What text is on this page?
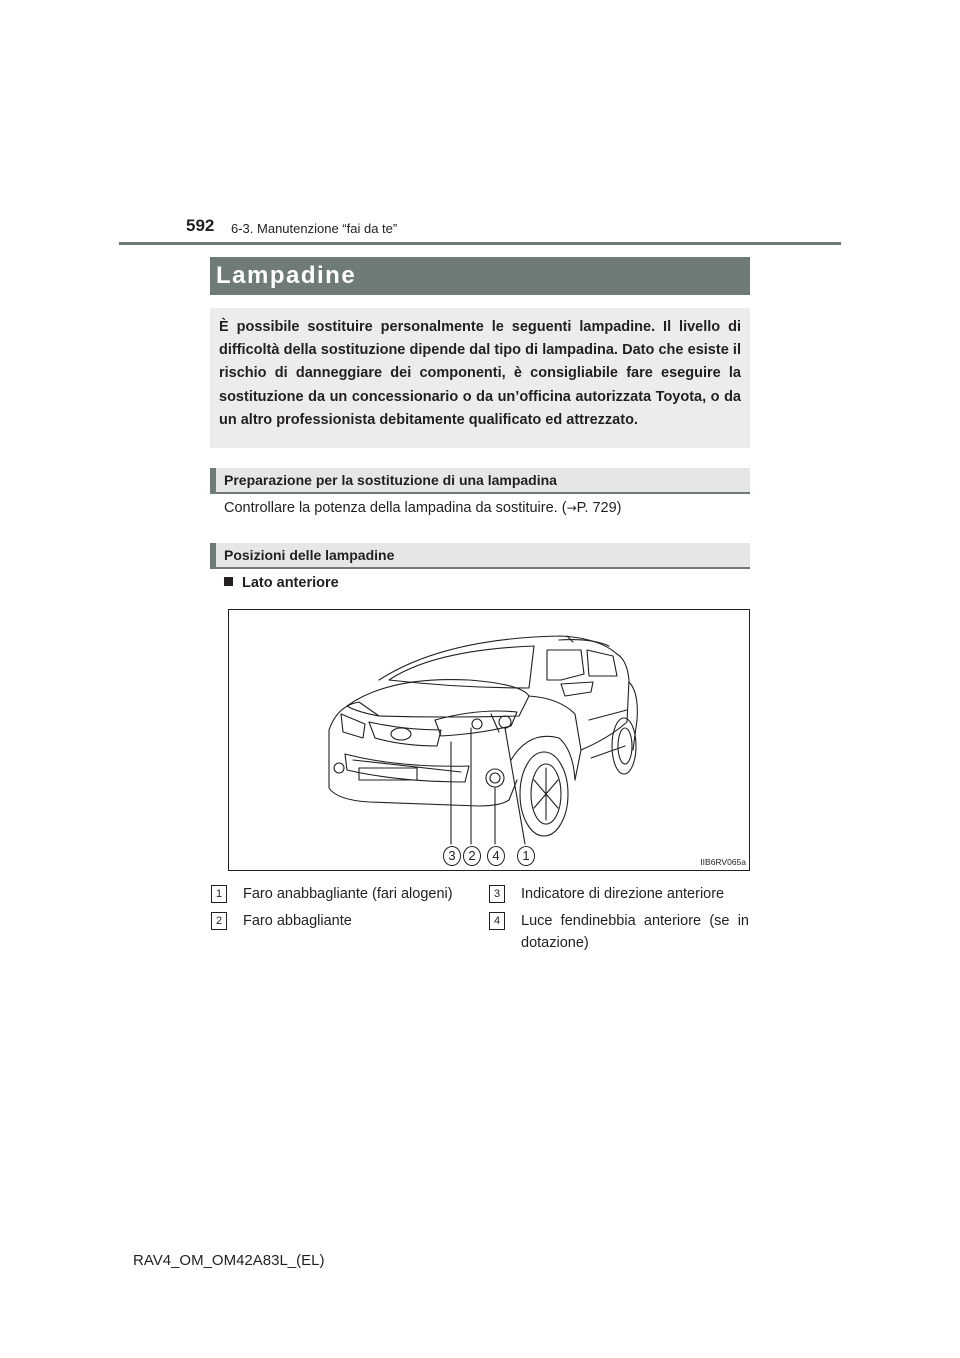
592 6-3. Manutenzione “fai da te”
Lampadine
È possibile sostituire personalmente le seguenti lampadine. Il livello di difficoltà della sostituzione dipende dal tipo di lampadina. Dato che esiste il rischio di danneggiare dei componenti, è consigliabile fare eseguire la sostituzione da un concessionario o da un’officina autorizzata Toyota, o da un altro professionista debitamente qualificato ed attrezzato.
Preparazione per la sostituzione di una lampadina
Controllare la potenza della lampadina da sostituire. (→P. 729)
Posizioni delle lampadine
Lato anteriore
3 2	4	1	IIB6RV065a
1	Faro anabbagliante (fari alogeni)
2	Faro abbagliante
3	Indicatore di direzione anteriore
4	Luce fendinebbia anteriore (se in
dotazione)
RAV4_OM_OM42A83L_(EL)
